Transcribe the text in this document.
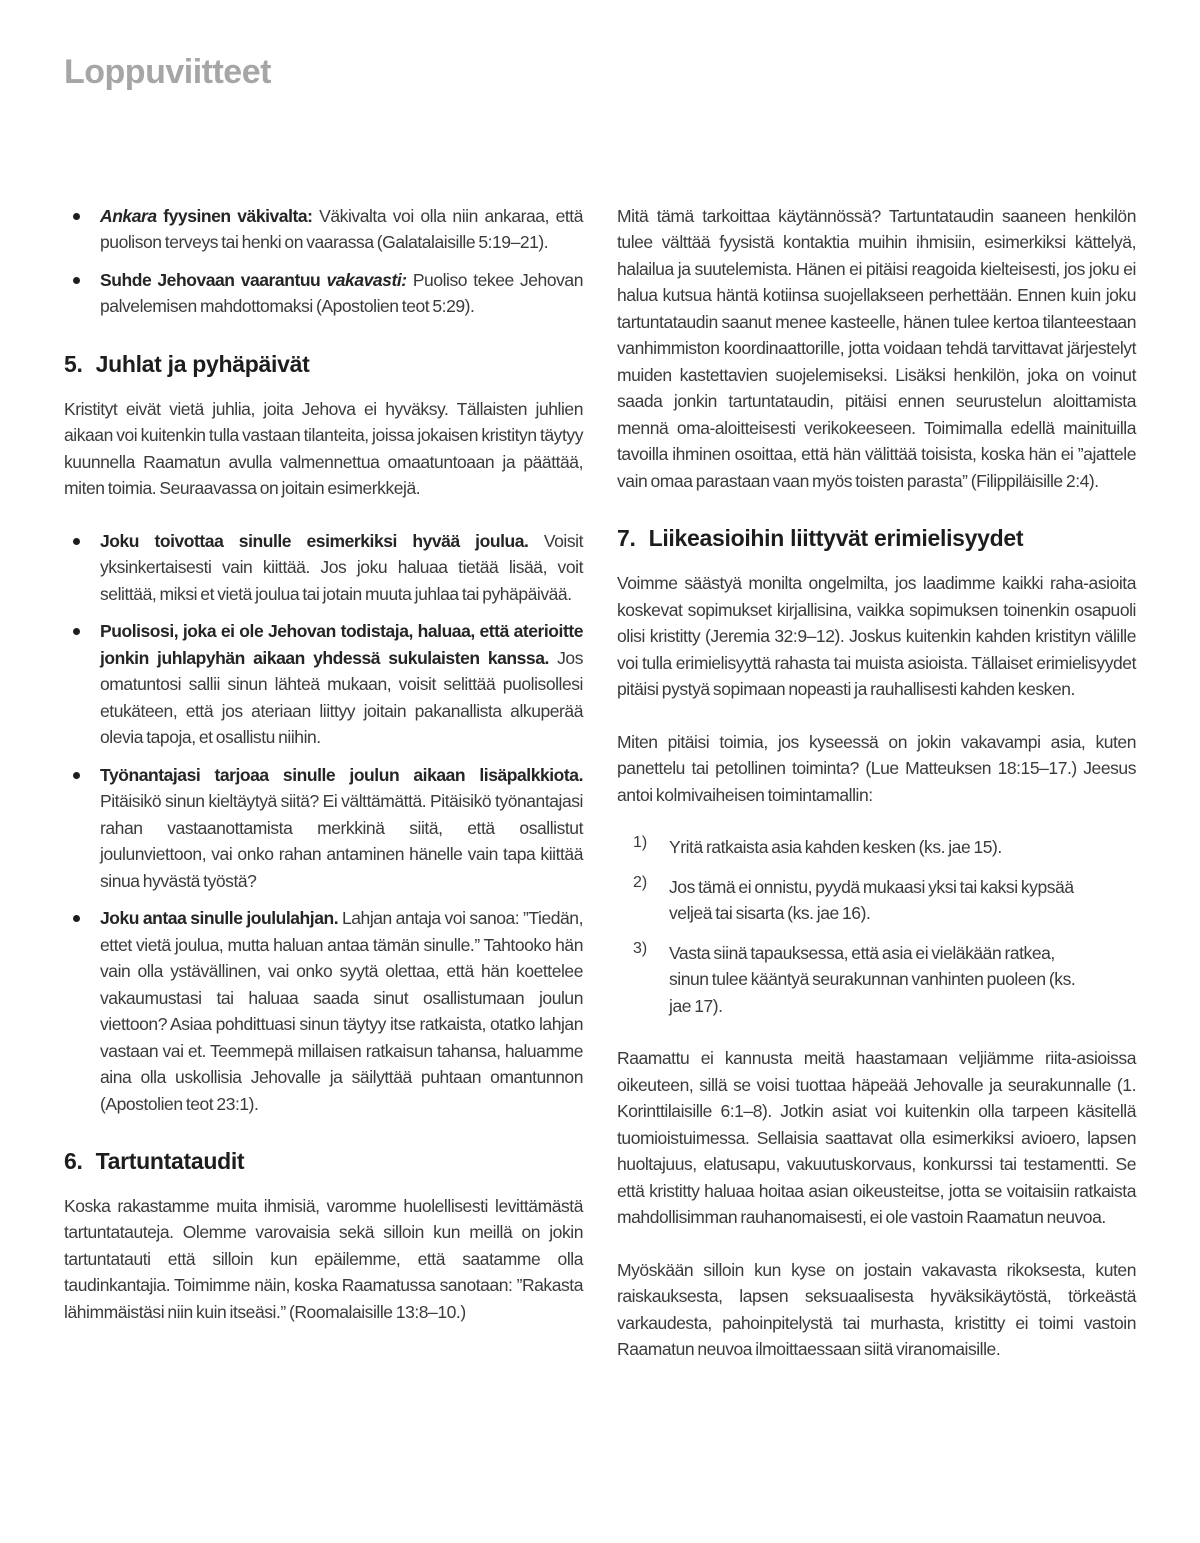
Loppuviitteet

Ankara fyysinen väkivalta: Väkivalta voi olla niin ankaraa, että puolison terveys tai henki on vaarassa (Galatalaisille 5:19–21).

Suhde Jehovaan vaarantuu vakavasti: Puoliso tekee Jehovan palvelemisen mahdottomaksi (Apostolien teot 5:29).

5. Juhlat ja pyhäpäivät

Kristityt eivät vietä juhlia, joita Jehova ei hyväksy. Tällaisten juhlien aikaan voi kuitenkin tulla vastaan tilanteita, joissa jokaisen kristityn täytyy kuunnella Raamatun avulla valmennettua omaatuntoaan ja päättää, miten toimia. Seuraavassa on joitain esimerkkejä.

Joku toivottaa sinulle esimerkiksi hyvää joulua. Voisit yksinkertaisesti vain kiittää. Jos joku haluaa tietää lisää, voit selittää, miksi et vietä joulua tai jotain muuta juhlaa tai pyhäpäivää.

Puolisosi, joka ei ole Jehovan todistaja, haluaa, että aterioitte jonkin juhlapyhän aikaan yhdessä sukulaisten kanssa. Jos omatuntosi sallii sinun lähteä mukaan, voisit selittää puolisollesi etukäteen, että jos ateriaan liittyy joitain pakanallista alkuperää olevia tapoja, et osallistu niihin.

Työnantajasi tarjoaa sinulle joulun aikaan lisäpalkkiota. Pitäisikö sinun kieltäytyä siitä? Ei välttämättä. Pitäisikö työnantajasi rahan vastaanottamista merkkinä siitä, että osallistut joulunviettoon, vai onko rahan antaminen hänelle vain tapa kiittää sinua hyvästä työstä?

Joku antaa sinulle joululahjan. Lahjan antaja voi sanoa: ”Tiedän, ettet vietä joulua, mutta haluan antaa tämän sinulle.” Tahtooko hän vain olla ystävällinen, vai onko syytä olettaa, että hän koettelee vakaumustasi tai haluaa saada sinut osallistumaan joulun viettoon? Asiaa pohdittuasi sinun täytyy itse ratkaista, otatko lahjan vastaan vai et. Teemmepä millaisen ratkaisun tahansa, haluamme aina olla uskollisia Jehovalle ja säilyttää puhtaan omantunnon (Apostolien teot 23:1).

6. Tartuntataudit

Koska rakastamme muita ihmisiä, varomme huolellisesti levittämästä tartuntatauteja. Olemme varovaisia sekä silloin kun meillä on jokin tartuntatauti että silloin kun epäilemme, että saatamme olla taudinkantajia. Toimimme näin, koska Raamatussa sanotaan: ”Rakasta lähimmäistäsi niin kuin itseäsi.” (Roomalaisille 13:8–10.)

Mitä tämä tarkoittaa käytännössä? Tartuntataudin saaneen henkilön tulee välttää fyysistä kontaktia muihin ihmisiin, esimerkiksi kättelyä, halailua ja suutelemista. Hänen ei pitäisi reagoida kielteisesti, jos joku ei halua kutsua häntä kotiinsa suojellakseen perhettään. Ennen kuin joku tartuntataudin saanut menee kasteelle, hänen tulee kertoa tilanteestaan vanhimmiston koordinaattorille, jotta voidaan tehdä tarvittavat järjestelyt muiden kastettavien suojelemiseksi. Lisäksi henkilön, joka on voinut saada jonkin tartuntataudin, pitäisi ennen seurustelun aloittamista mennä oma-aloitteisesti verikokeeseen. Toimimalla edellä mainituilla tavoilla ihminen osoittaa, että hän välittää toisista, koska hän ei ”ajattele vain omaa parastaan vaan myös toisten parasta” (Filippiläisille 2:4).

7. Liikeasioihin liittyvät erimielisyydet

Voimme säästyä monilta ongelmilta, jos laadimme kaikki raha-asioita koskevat sopimukset kirjallisina, vaikka sopimuksen toinenkin osapuoli olisi kristitty (Jeremia 32:9–12). Joskus kuitenkin kahden kristityn välille voi tulla erimielisyyttä rahasta tai muista asioista. Tällaiset erimielisyydet pitäisi pystyä sopimaan nopeasti ja rauhallisesti kahden kesken.

Miten pitäisi toimia, jos kyseessä on jokin vakavampi asia, kuten panettelu tai petollinen toiminta? (Lue Matteuksen 18:15–17.) Jeesus antoi kolmivaiheisen toimintamallin:

1) Yritä ratkaista asia kahden kesken (ks. jae 15).

2) Jos tämä ei onnistu, pyydä mukaasi yksi tai kaksi kypsää veljeä tai sisarta (ks. jae 16).

3) Vasta siinä tapauksessa, että asia ei vieläkään ratkea, sinun tulee kääntyä seurakunnan vanhinten puoleen (ks. jae 17).

Raamattu ei kannusta meitä haastamaan veljiämme riita-asioissa oikeuteen, sillä se voisi tuottaa häpeää Jehovalle ja seurakunnalle (1. Korinttilaisille 6:1–8). Jotkin asiat voi kuitenkin olla tarpeen käsitellä tuomioistuimessa. Sellaisia saattavat olla esimerkiksi avioero, lapsen huoltajuus, elatusapu, vakuutuskorvaus, konkurssi tai testamentti. Se että kristitty haluaa hoitaa asian oikeusteitse, jotta se voitaisiin ratkaista mahdollisimman rauhanomaisesti, ei ole vastoin Raamatun neuvoa.

Myöskään silloin kun kyse on jostain vakavasta rikoksesta, kuten raiskauksesta, lapsen seksuaalisesta hyväksikäytöstä, törkeästä varkaudesta, pahoinpitelystä tai murhasta, kristitty ei toimi vastoin Raamatun neuvoa ilmoittaessaan siitä viranomaisille.
